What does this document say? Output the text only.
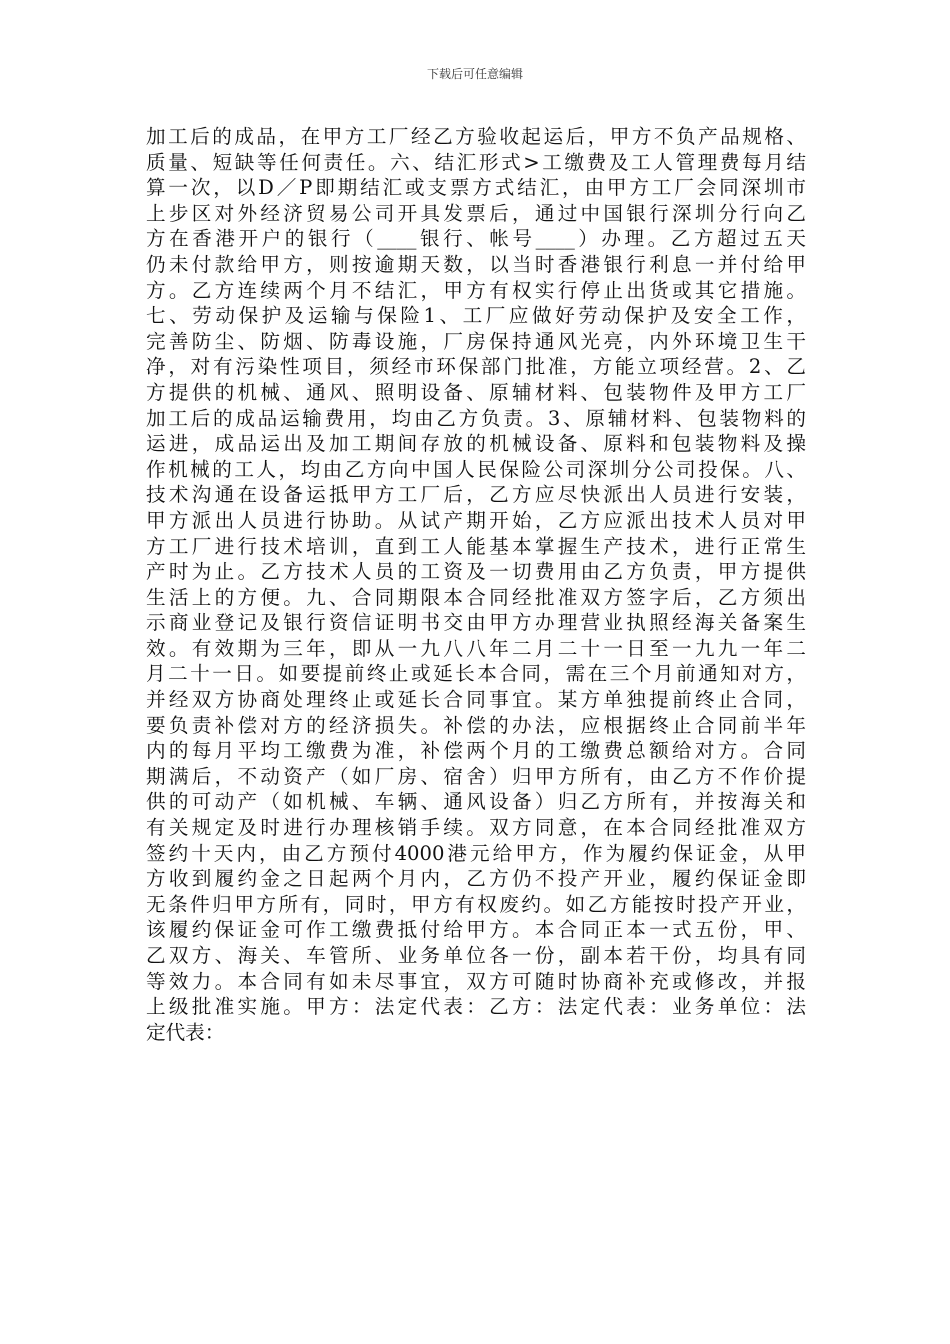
下载后可任意编辑
加工后的成品，在甲方工厂经乙方验收起运后，甲方不负产品规格、
质量、短缺等任何责任。六、结汇形式>工缴费及工人管理费每月结
算一次，以D／P即期结汇或支票方式结汇，由甲方工厂会同深圳市
上步区对外经济贸易公司开具发票后，通过中国银行深圳分行向乙
方在香港开户的银行（____银行、帐号____）办理。乙方超过五天
仍未付款给甲方，则按逾期天数，以当时香港银行利息一并付给甲
方。乙方连续两个月不结汇，甲方有权实行停止出货或其它措施。
七、劳动保护及运输与保险1、工厂应做好劳动保护及安全工作，
完善防尘、防烟、防毒设施，厂房保持通风光亮，内外环境卫生干
净，对有污染性项目，须经市环保部门批准，方能立项经营。2、乙
方提供的机械、通风、照明设备、原辅材料、包装物件及甲方工厂
加工后的成品运输费用，均由乙方负责。3、原辅材料、包装物料的
运进，成品运出及加工期间存放的机械设备、原料和包装物料及操
作机械的工人，均由乙方向中国人民保险公司深圳分公司投保。八、
技术沟通在设备运抵甲方工厂后，乙方应尽快派出人员进行安装，
甲方派出人员进行协助。从试产期开始，乙方应派出技术人员对甲
方工厂进行技术培训，直到工人能基本掌握生产技术，进行正常生
产时为止。乙方技术人员的工资及一切费用由乙方负责，甲方提供
生活上的方便。九、合同期限本合同经批准双方签字后，乙方须出
示商业登记及银行资信证明书交由甲方办理营业执照经海关备案生
效。有效期为三年，即从一九八八年二月二十一日至一九九一年二
月二十一日。如要提前终止或延长本合同，需在三个月前通知对方，
并经双方协商处理终止或延长合同事宜。某方单独提前终止合同，
要负责补偿对方的经济损失。补偿的办法，应根据终止合同前半年
内的每月平均工缴费为准，补偿两个月的工缴费总额给对方。合同
期满后，不动资产（如厂房、宿舍）归甲方所有，由乙方不作价提
供的可动产（如机械、车辆、通风设备）归乙方所有，并按海关和
有关规定及时进行办理核销手续。双方同意，在本合同经批准双方
签约十天内，由乙方预付4000港元给甲方，作为履约保证金，从甲
方收到履约金之日起两个月内，乙方仍不投产开业，履约保证金即
无条件归甲方所有，同时，甲方有权废约。如乙方能按时投产开业，
该履约保证金可作工缴费抵付给甲方。本合同正本一式五份，甲、
乙双方、海关、车管所、业务单位各一份，副本若干份，均具有同
等效力。本合同有如未尽事宜，双方可随时协商补充或修改，并报
上级批准实施。甲方：法定代表：乙方：法定代表：业务单位：法
定代表：
